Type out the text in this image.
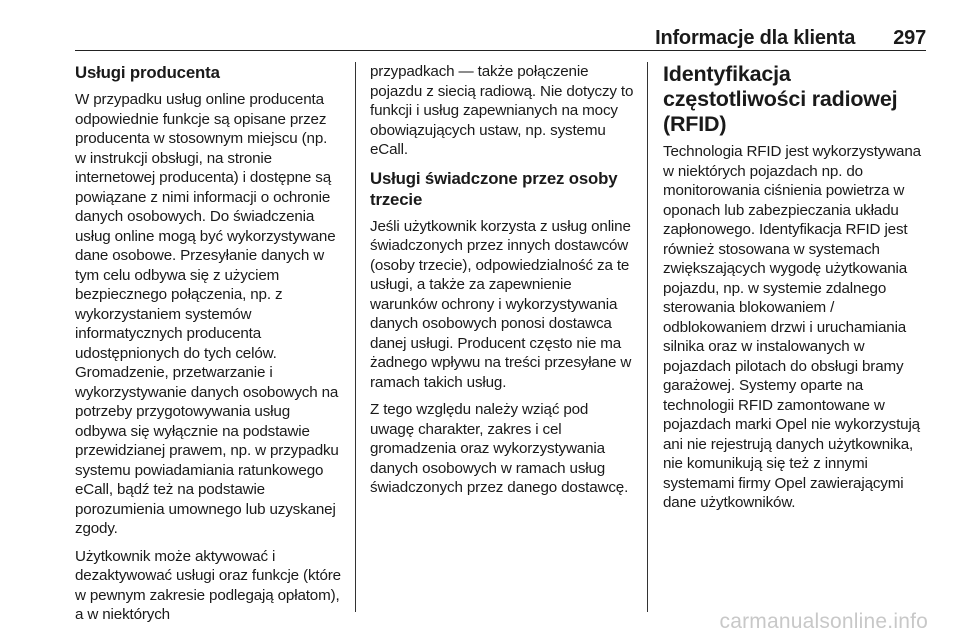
Informacje dla klienta 297
Usługi producenta

W przypadku usług online producenta odpowiednie funkcje są opisane przez producenta w stosownym miejscu (np. w instrukcji obsługi, na stronie internetowej producenta) i dostępne są powiązane z nimi informacji o ochronie danych osobowych. Do świadczenia usług online mogą być wykorzystywane dane osobowe. Przesyłanie danych w tym celu odbywa się z użyciem bezpiecznego połączenia, np. z wykorzystaniem systemów informatycznych producenta udostępnionych do tych celów. Gromadzenie, przetwarzanie i wykorzystywanie danych osobowych na potrzeby przygotowywania usług odbywa się wyłącznie na podstawie przewidzianej prawem, np. w przypadku systemu powiadamiania ratunkowego eCall, bądź też na podstawie porozumienia umownego lub uzyskanej zgody.

Użytkownik może aktywować i dezaktywować usługi oraz funkcje (które w pewnym zakresie podlegają opłatom), a w niektórych

przypadkach — także połączenie pojazdu z siecią radiową. Nie dotyczy to funkcji i usług zapewnianych na mocy obowiązujących ustaw, np. systemu eCall.

Usługi świadczone przez osoby trzecie

Jeśli użytkownik korzysta z usług online świadczonych przez innych dostawców (osoby trzecie), odpowiedzialność za te usługi, a także za zapewnienie warunków ochrony i wykorzystywania danych osobowych ponosi dostawca danej usługi. Producent często nie ma żadnego wpływu na treści przesyłane w ramach takich usług.

Z tego względu należy wziąć pod uwagę charakter, zakres i cel gromadzenia oraz wykorzystywania danych osobowych w ramach usług świadczonych przez danego dostawcę.

Identyfikacja częstotliwości radiowej (RFID)

Technologia RFID jest wykorzystywana w niektórych pojazdach np. do monitorowania ciśnienia powietrza w oponach lub zabezpieczania układu zapłonowego. Identyfikacja RFID jest również stosowana w systemach zwiększających wygodę użytkowania pojazdu, np. w systemie zdalnego sterowania blokowaniem / odblokowaniem drzwi i uruchamiania silnika oraz w instalowanych w pojazdach pilotach do obsługi bramy garażowej. Systemy oparte na technologii RFID zamontowane w pojazdach marki Opel nie wykorzystują ani nie rejestrują danych użytkownika, nie komunikują się też z innymi systemami firmy Opel zawierającymi dane użytkowników.

carmanualsonline.info
